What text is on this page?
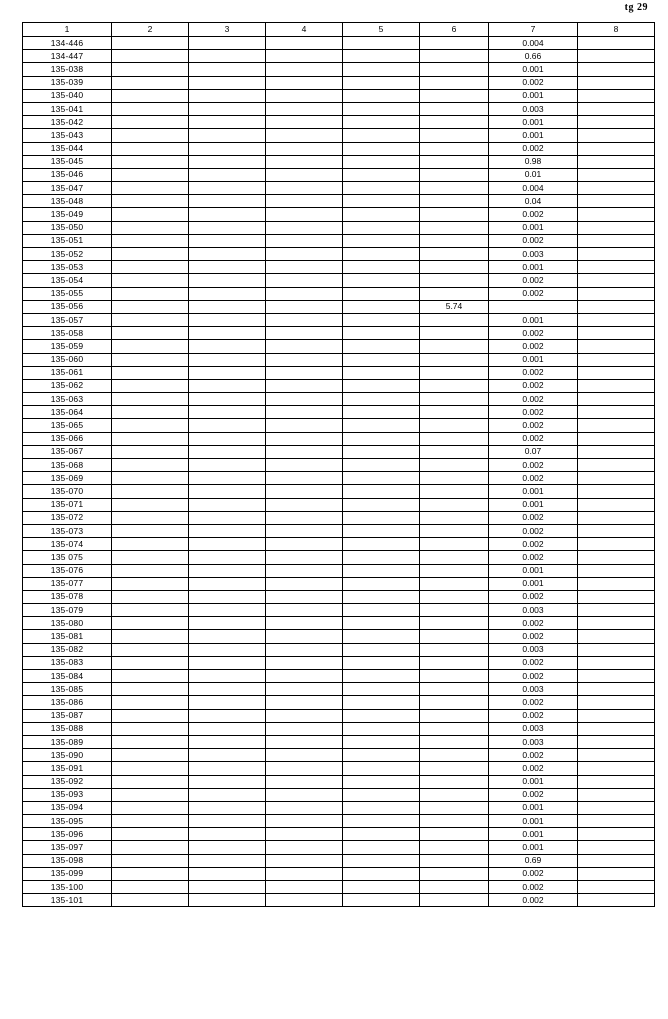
tg 29
1	2	3	4	5	6	7	8
134-446						0.004	
134-447						0.66	
135-038						0.001	
135-039						0.002	
135-040						0.001	
135-041						0.003	
135-042						0.001	
135-043						0.001	
135-044						0.002	
135-045						0.98	
135-046						0.01	
135-047						0.004	
135-048						0.04	
135-049						0.002	
135-050						0.001	
135-051						0.002	
135-052						0.003	
135-053						0.001	
135-054						0.002	
135-055						0.002	
135-056					5.74		
135-057						0.001	
135-058						0.002	
135-059						0.002	
135-060						0.001	
135-061						0.002	
135-062						0.002	
135-063						0.002	
135-064						0.002	
135-065						0.002	
135-066						0.002	
135-067						0.07	
135-068						0.002	
135-069						0.002	
135-070						0.001	
135-071						0.001	
135-072						0.002	
135-073						0.002	
135-074						0.002	
135 075						0.002	
135-076						0.001	
135-077						0.001	
135-078						0.002	
135-079						0.003	
135-080						0.002	
135-081						0.002	
135-082						0.003	
135-083						0.002	
135-084						0.002	
135-085						0.003	
135-086						0.002	
135-087						0.002	
135-088						0.003	
135-089						0.003	
135-090						0.002	
135-091						0.002	
135-092						0.001	
135-093						0.002	
135-094						0.001	
135-095						0.001	
135-096						0.001	
135-097						0.001	
135-098						0.69	
135-099						0.002	
135-100						0.002	
135-101						0.002	
